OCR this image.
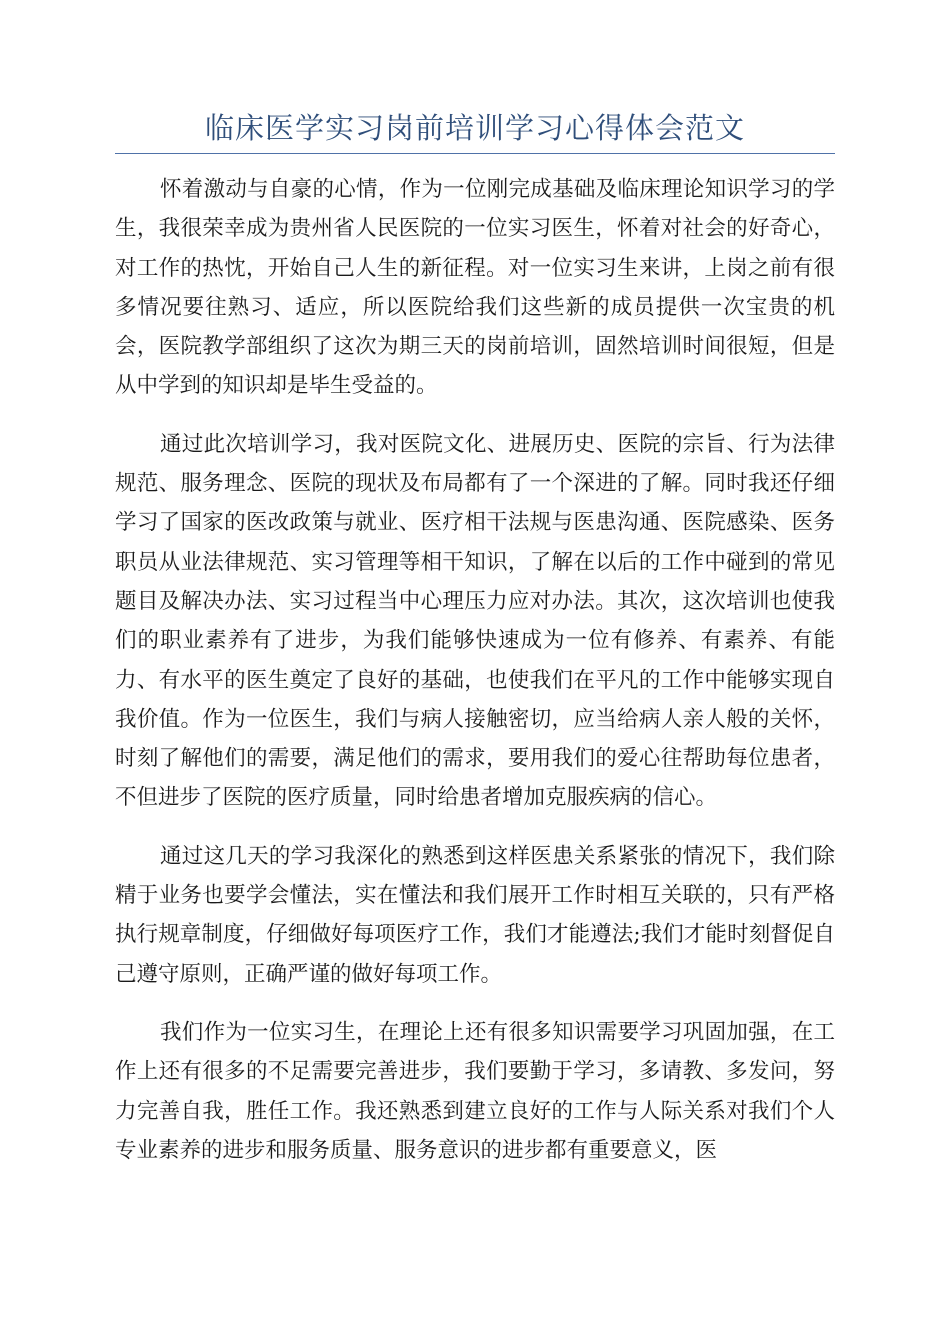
临床医学实习岗前培训学习心得体会范文

怀着激动与自豪的心情，作为一位刚完成基础及临床理论知识学习的学生，我很荣幸成为贵州省人民医院的一位实习医生，怀着对社会的好奇心，对工作的热忱，开始自己人生的新征程。对一位实习生来讲，上岗之前有很多情况要往熟习、适应，所以医院给我们这些新的成员提供一次宝贵的机会，医院教学部组织了这次为期三天的岗前培训，固然培训时间很短，但是从中学到的知识却是毕生受益的。

通过此次培训学习，我对医院文化、进展历史、医院的宗旨、行为法律规范、服务理念、医院的现状及布局都有了一个深进的了解。同时我还仔细学习了国家的医改政策与就业、医疗相干法规与医患沟通、医院感染、医务职员从业法律规范、实习管理等相干知识，了解在以后的工作中碰到的常见题目及解决办法、实习过程当中心理压力应对办法。其次，这次培训也使我们的职业素养有了进步，为我们能够快速成为一位有修养、有素养、有能力、有水平的医生奠定了良好的基础，也使我们在平凡的工作中能够实现自我价值。作为一位医生，我们与病人接触密切，应当给病人亲人般的关怀，时刻了解他们的需要，满足他们的需求，要用我们的爱心往帮助每位患者，不但进步了医院的医疗质量，同时给患者增加克服疾病的信心。

通过这几天的学习我深化的熟悉到这样医患关系紧张的情况下，我们除精于业务也要学会懂法，实在懂法和我们展开工作时相互关联的，只有严格执行规章制度，仔细做好每项医疗工作，我们才能遵法;我们才能时刻督促自己遵守原则，正确严谨的做好每项工作。

我们作为一位实习生，在理论上还有很多知识需要学习巩固加强，在工作上还有很多的不足需要完善进步，我们要勤于学习，多请教、多发问，努力完善自我，胜任工作。我还熟悉到建立良好的工作与人际关系对我们个人专业素养的进步和服务质量、服务意识的进步都有重要意义，医
